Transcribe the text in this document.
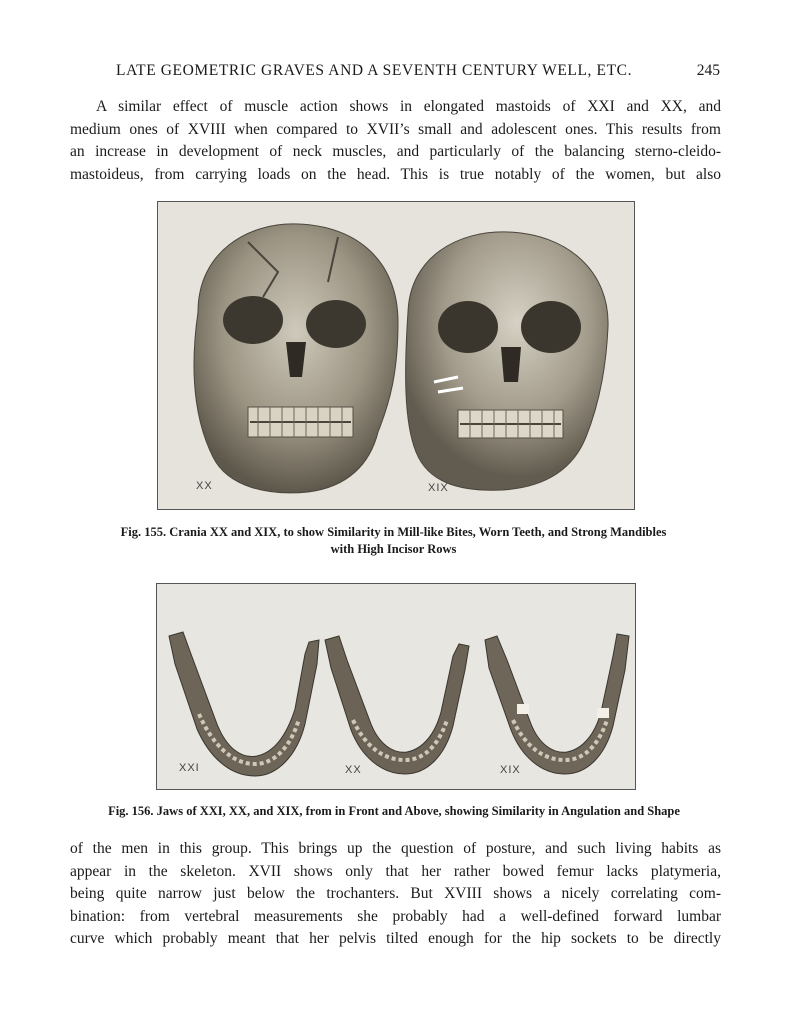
LATE GEOMETRIC GRAVES AND A SEVENTH CENTURY WELL, ETC.	245
A similar effect of muscle action shows in elongated mastoids of XXI and XX, and
medium ones of XVIII when compared to XVII’s small and adolescent ones. This results from
an increase in development of neck muscles, and particularly of the balancing sterno-cleido-
mastoideus, from carrying loads on the head. This is true notably of the women, but also
XX	XIX
Fig. 155. Crania XX and XIX, to show Similarity in Mill-like Bites, Worn Teeth, and Strong Mandibles
with High Incisor Rows
XXI	XX	XIX
Fig. 156. Jaws of XXI, XX, and XIX, from in Front and Above, showing Similarity in Angulation and Shape
of the men in this group. This brings up the question of posture, and such living habits as
appear in the skeleton. XVII shows only that her rather bowed femur lacks platymeria,
being quite narrow just below the trochanters. But XVIII shows a nicely correlating com-
bination: from vertebral measurements she probably had a well-defined forward lumbar
curve which probably meant that her pelvis tilted enough for the hip sockets to be directly
